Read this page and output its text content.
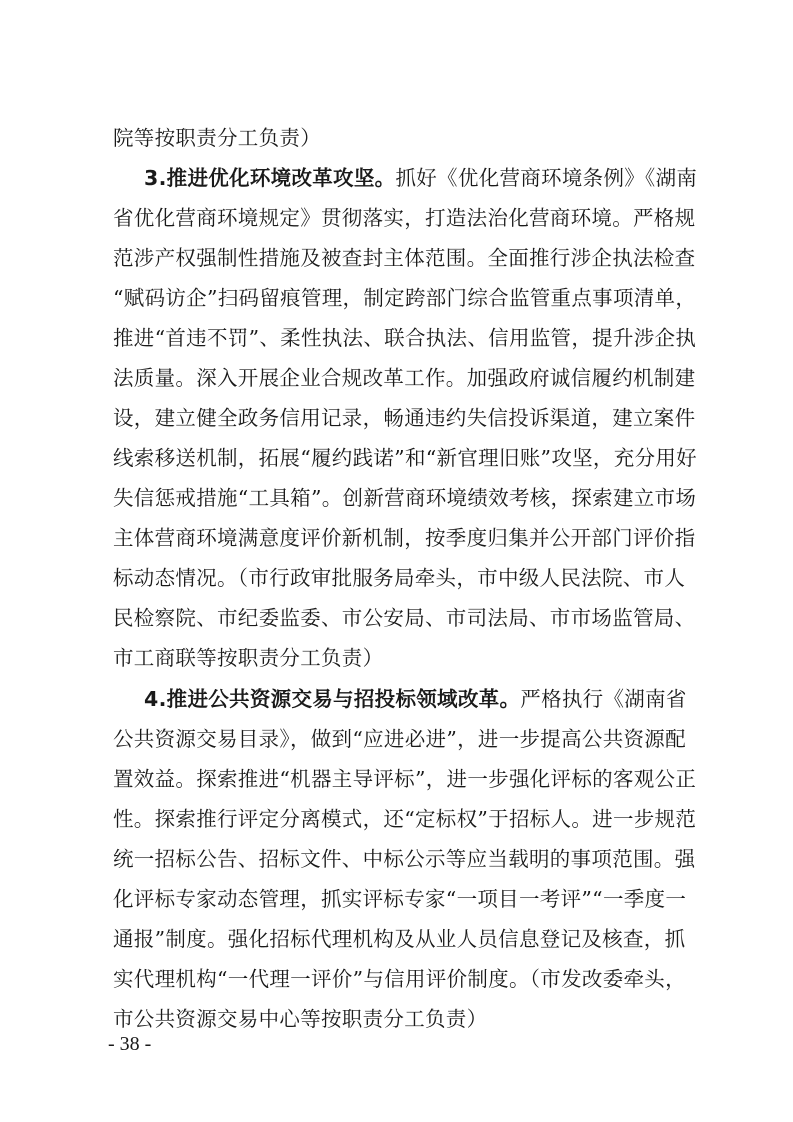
院等按职责分工负责）
3.推进优化环境改革攻坚。抓好《优化营商环境条例》《湖南
省优化营商环境规定》贯彻落实，打造法治化营商环境。严格规
范涉产权强制性措施及被查封主体范围。全面推行涉企执法检查
“赋码访企”扫码留痕管理，制定跨部门综合监管重点事项清单，
推进“首违不罚”、柔性执法、联合执法、信用监管，提升涉企执
法质量。深入开展企业合规改革工作。加强政府诚信履约机制建
设，建立健全政务信用记录，畅通违约失信投诉渠道，建立案件
线索移送机制，拓展“履约践诺”和“新官理旧账”攻坚，充分用好
失信惩戒措施“工具箱”。创新营商环境绩效考核，探索建立市场
主体营商环境满意度评价新机制，按季度归集并公开部门评价指
标动态情况。（市行政审批服务局牵头，市中级人民法院、市人
民检察院、市纪委监委、市公安局、市司法局、市市场监管局、
市工商联等按职责分工负责）
4.推进公共资源交易与招投标领域改革。严格执行《湖南省
公共资源交易目录》，做到“应进必进”，进一步提高公共资源配
置效益。探索推进“机器主导评标”，进一步强化评标的客观公正
性。探索推行评定分离模式，还“定标权”于招标人。进一步规范
统一招标公告、招标文件、中标公示等应当载明的事项范围。强
化评标专家动态管理，抓实评标专家“一项目一考评”“一季度一
通报”制度。强化招标代理机构及从业人员信息登记及核查，抓
实代理机构“一代理一评价”与信用评价制度。（市发改委牵头，
市公共资源交易中心等按职责分工负责）
- 38 -
